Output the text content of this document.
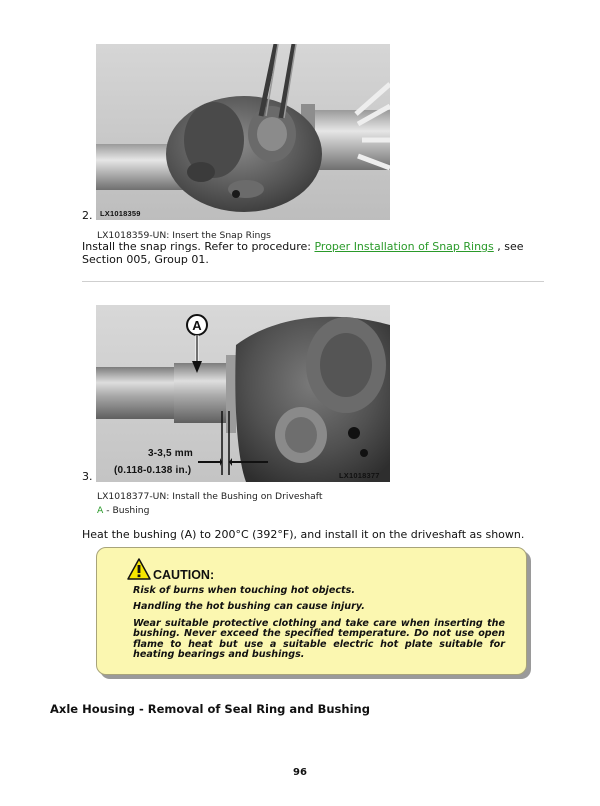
LX1018359
2.
LX1018359-UN: Insert the Snap Rings
Install the snap rings. Refer to procedure: Proper Installation of Snap Rings , see
Section 005, Group 01.
A
3-3,5 mm
(0.118-0.138 in.)	LX1018377
3.
LX1018377-UN: Install the Bushing on Driveshaft
A - Bushing
Heat the bushing (A) to 200°C (392°F), and install it on the driveshaft as shown.
CAUTION:
Risk of burns when touching hot objects.
Handling the hot bushing can cause injury.
Wear suitable protective clothing and take care when inserting the bushing. Never exceed the specified temperature. Do not use open flame to heat but use a suitable electric hot plate suitable for heating bearings and bushings.
Axle Housing - Removal of Seal Ring and Bushing
96
